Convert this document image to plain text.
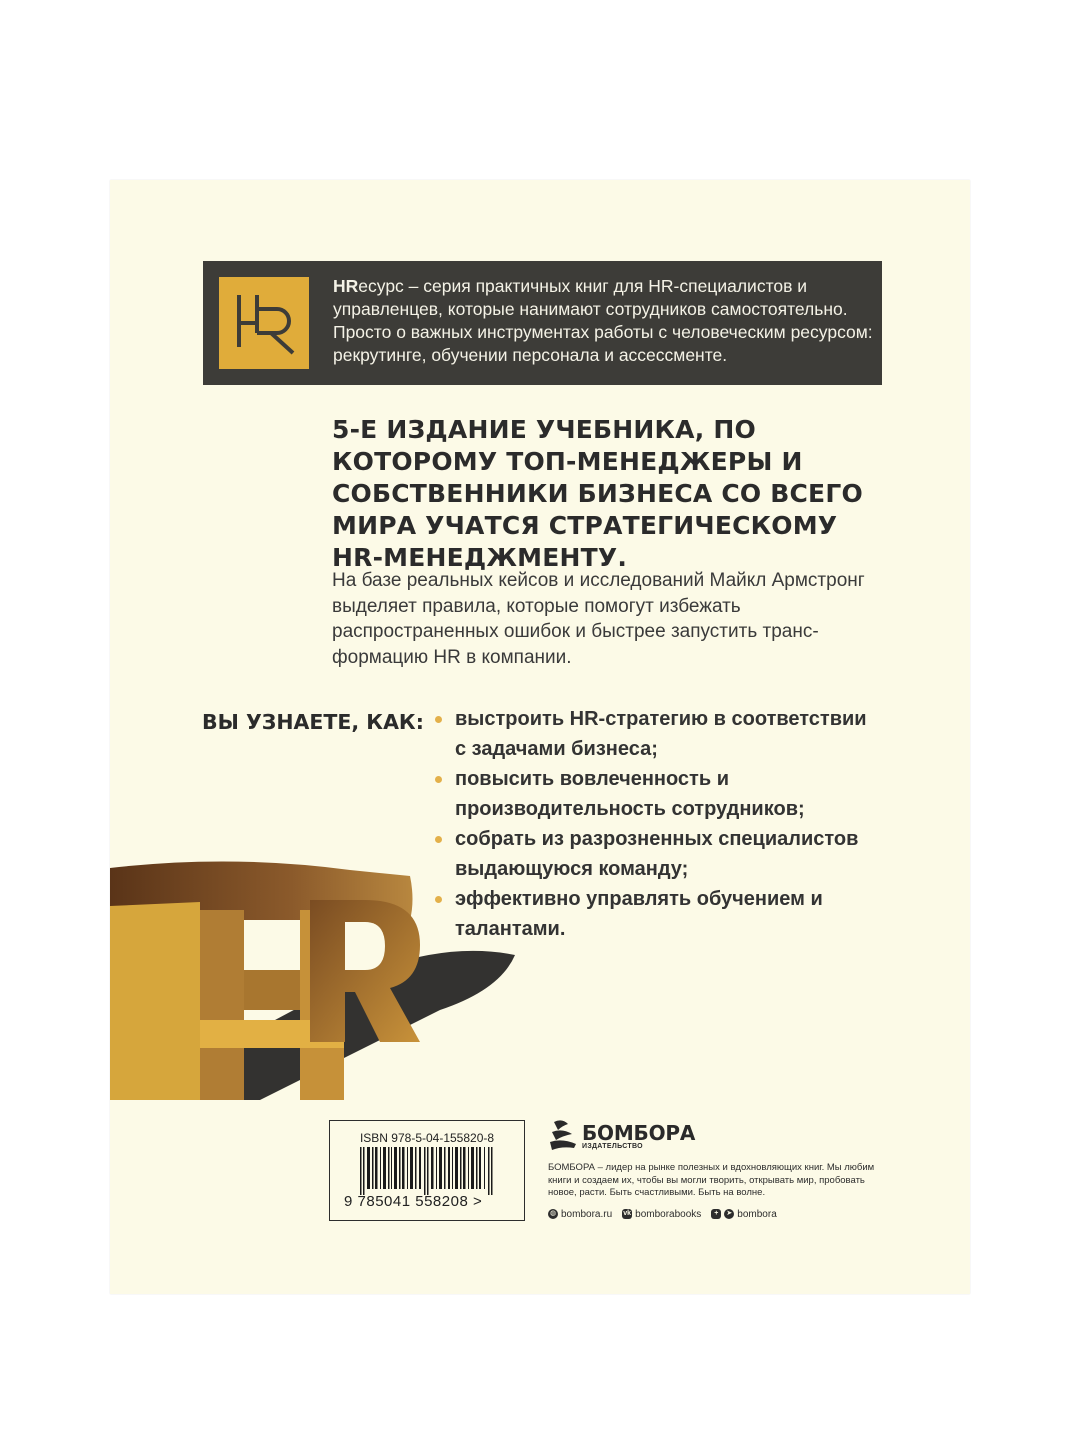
HRесурс – серия практичных книг для HR-специалистов и управленцев, которые нанимают сотрудников самостоятельно. Просто о важных инструментах работы с человеческим ресурсом: рекрутинге, обучении персонала и ассессменте.
5-Е ИЗДАНИЕ УЧЕБНИКА, ПО КОТОРОМУ ТОП-МЕНЕДЖЕРЫ И СОБСТВЕННИКИ БИЗНЕСА СО ВСЕГО МИРА УЧАТСЯ СТРАТЕГИЧЕСКОМУ HR-МЕНЕДЖМЕНТУ.
На базе реальных кейсов и исследований Майкл Армстронг выделяет правила, которые помогут избежать распространенных ошибок и быстрее запустить трансформацию HR в компании.
ВЫ УЗНАЕТЕ, КАК:	выстроить HR-стратегию в соответствии с задачами бизнеса;
повысить вовлеченность и производительность сотрудников;
собрать из разрозненных специалистов выдающуюся команду;
эффективно управлять обучением и талантами.
ISBN 978-5-04-155820-8
9 785041 558208 >
БОМБОРА
ИЗДАТЕЛЬСТВО
БОМБОРА – лидер на рынке полезных и вдохновляющих книг. Мы любим книги и создаем их, чтобы вы могли творить, открывать мир, пробовать новое, расти. Быть счастливыми. Быть на волне.
◍ bombora.ru vk bomborabooks	+	➤ bombora
